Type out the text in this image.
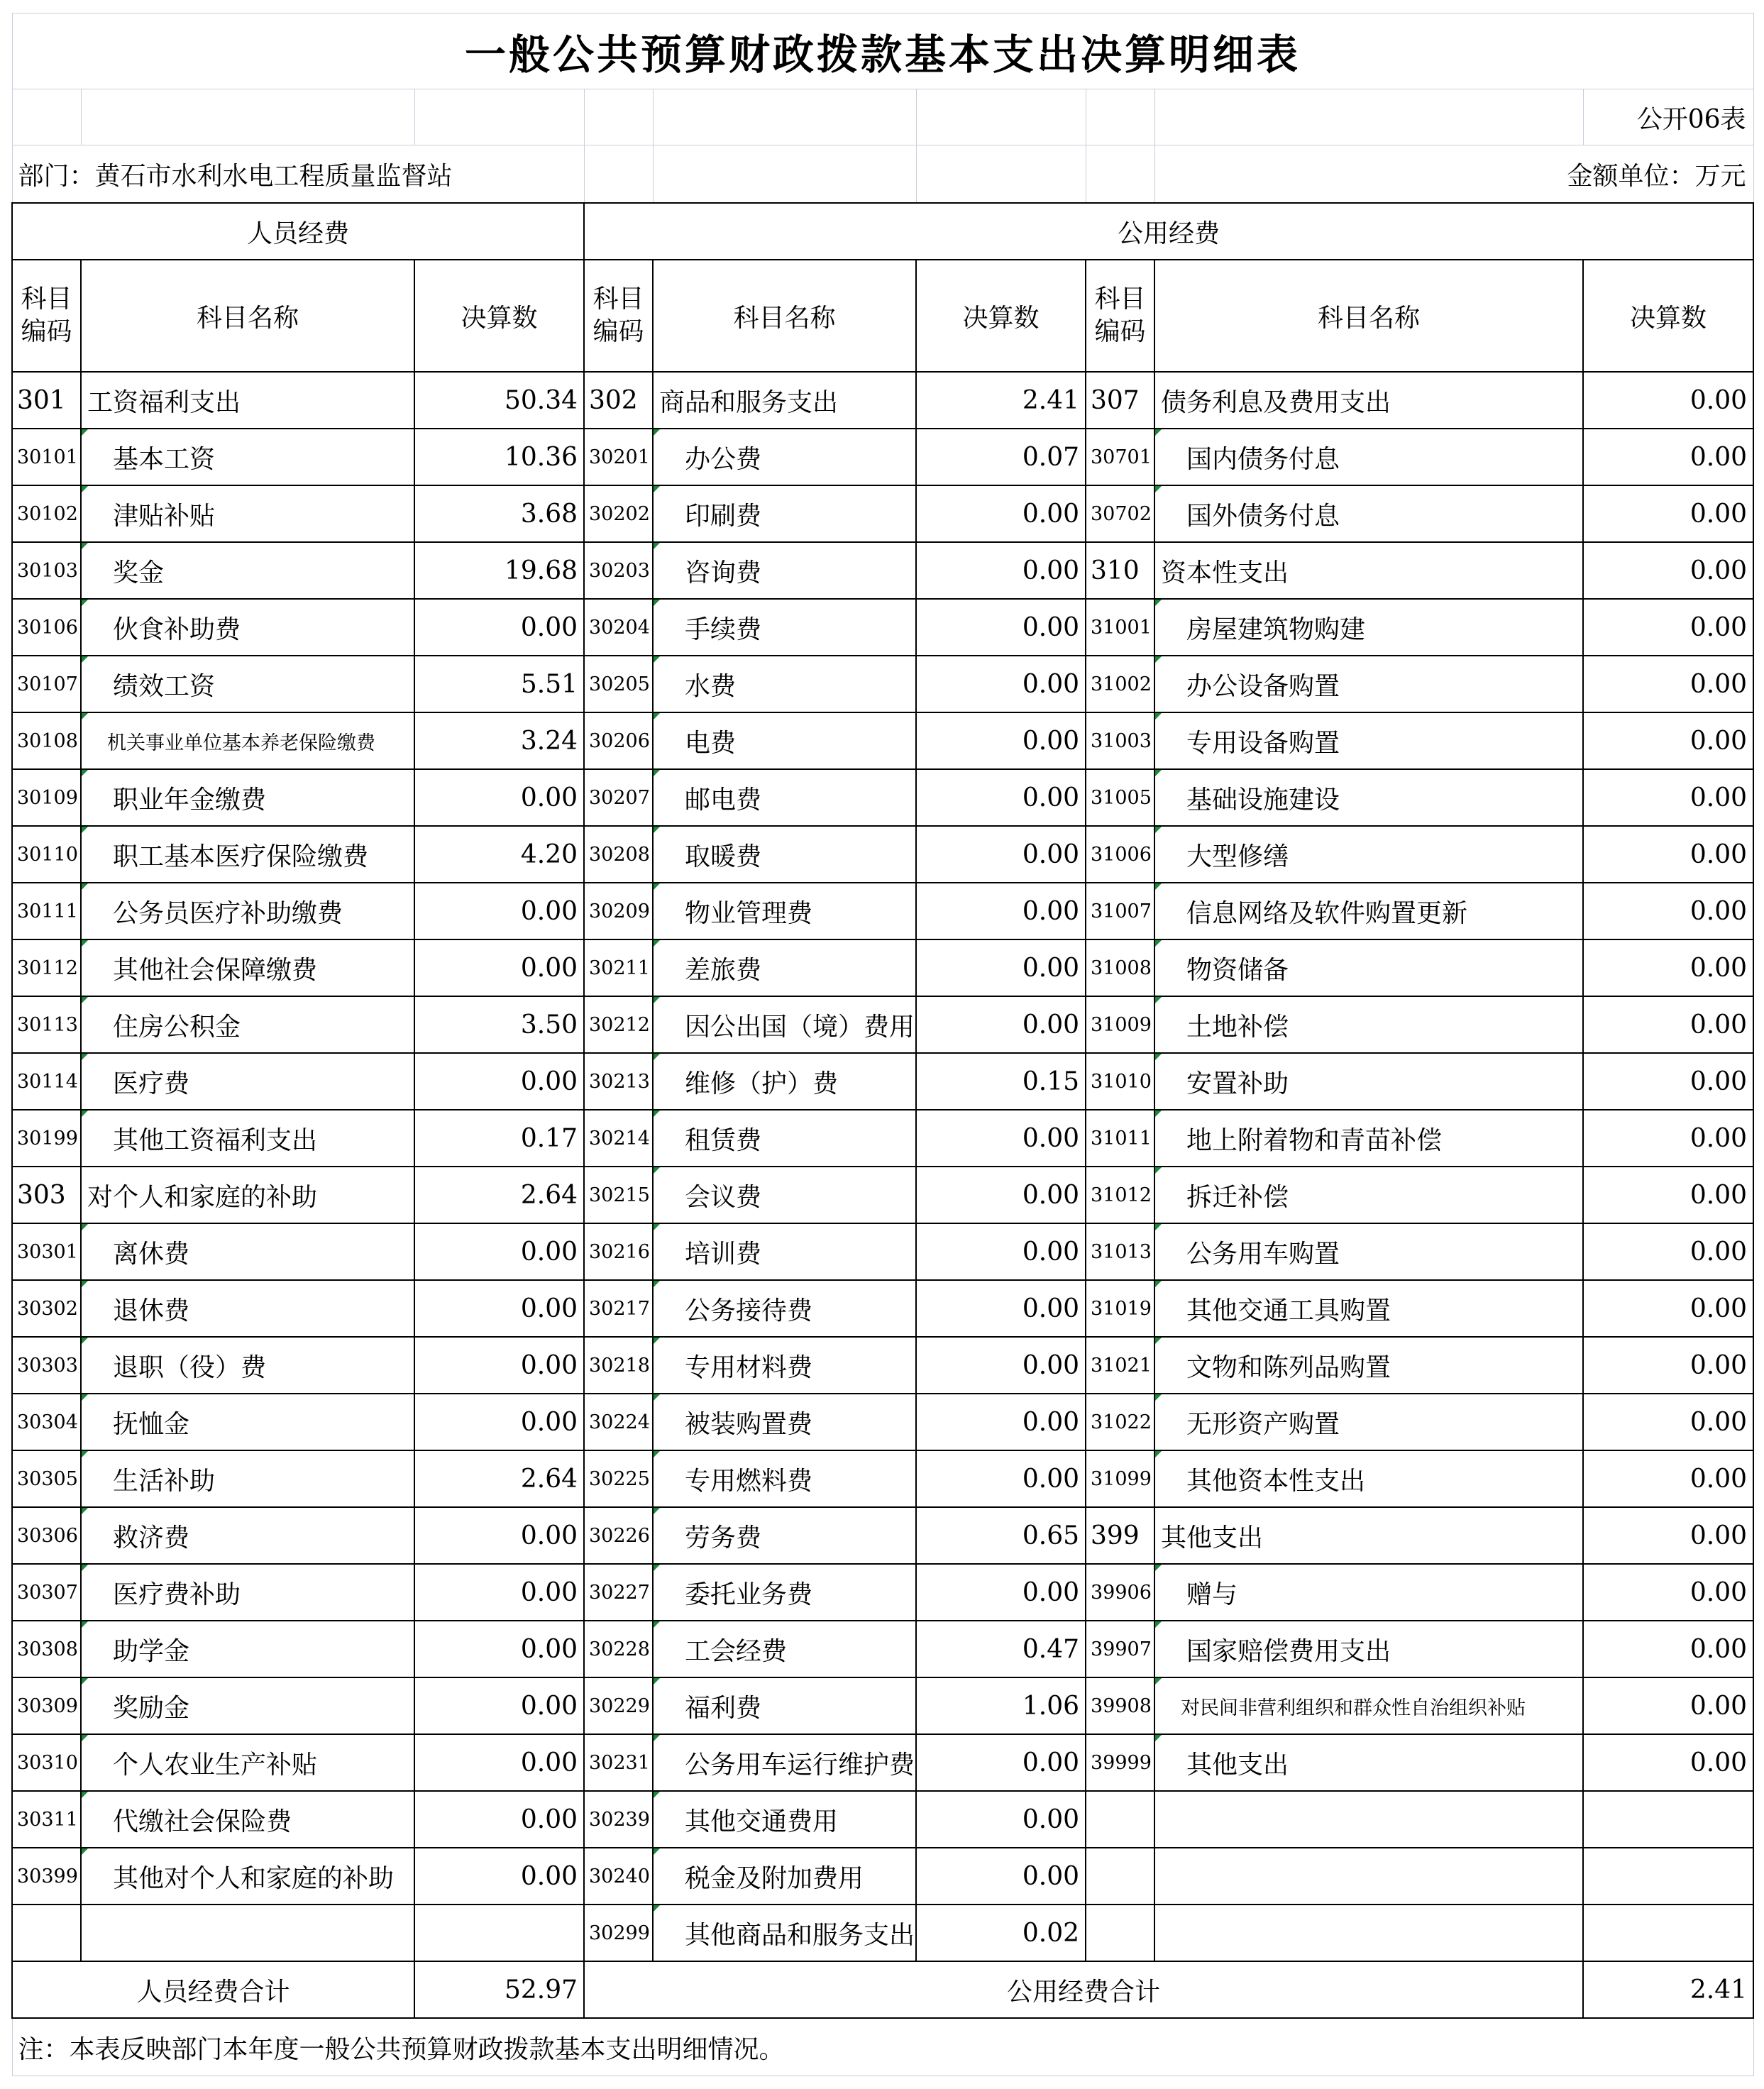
一般公共预算财政拨款基本支出决算明细表								
								公开06表
部门：黄石市水利水电工程质量监督站							金额单位：万元	
人员经费			公用经费					
科目
编码	科目名称	决算数	科目
编码	科目名称	决算数	科目
编码	科目名称	决算数
301	工资福利支出	50.34	302	商品和服务支出	2.41	307	债务利息及费用支出	0.00
30101	基本工资	10.36	30201	办公费	0.07	30701	国内债务付息	0.00
30102	津贴补贴	3.68	30202	印刷费	0.00	30702	国外债务付息	0.00
30103	奖金	19.68	30203	咨询费	0.00	310	资本性支出	0.00
30106	伙食补助费	0.00	30204	手续费	0.00	31001	房屋建筑物购建	0.00
30107	绩效工资	5.51	30205	水费	0.00	31002	办公设备购置	0.00
30108	机关事业单位基本养老保险缴费	3.24	30206	电费	0.00	31003	专用设备购置	0.00
30109	职业年金缴费	0.00	30207	邮电费	0.00	31005	基础设施建设	0.00
30110	职工基本医疗保险缴费	4.20	30208	取暖费	0.00	31006	大型修缮	0.00
30111	公务员医疗补助缴费	0.00	30209	物业管理费	0.00	31007	信息网络及软件购置更新	0.00
30112	其他社会保障缴费	0.00	30211	差旅费	0.00	31008	物资储备	0.00
30113	住房公积金	3.50	30212	因公出国（境）费用	0.00	31009	土地补偿	0.00
30114	医疗费	0.00	30213	维修（护）费	0.15	31010	安置补助	0.00
30199	其他工资福利支出	0.17	30214	租赁费	0.00	31011	地上附着物和青苗补偿	0.00
303	对个人和家庭的补助	2.64	30215	会议费	0.00	31012	拆迁补偿	0.00
30301	离休费	0.00	30216	培训费	0.00	31013	公务用车购置	0.00
30302	退休费	0.00	30217	公务接待费	0.00	31019	其他交通工具购置	0.00
30303	退职（役）费	0.00	30218	专用材料费	0.00	31021	文物和陈列品购置	0.00
30304	抚恤金	0.00	30224	被装购置费	0.00	31022	无形资产购置	0.00
30305	生活补助	2.64	30225	专用燃料费	0.00	31099	其他资本性支出	0.00
30306	救济费	0.00	30226	劳务费	0.65	399	其他支出	0.00
30307	医疗费补助	0.00	30227	委托业务费	0.00	39906	赠与	0.00
30308	助学金	0.00	30228	工会经费	0.47	39907	国家赔偿费用支出	0.00
30309	奖励金	0.00	30229	福利费	1.06	39908	对民间非营利组织和群众性自治组织补贴	0.00
30310	个人农业生产补贴	0.00	30231	公务用车运行维护费	0.00	39999	其他支出	0.00
30311	代缴社会保险费	0.00	30239	其他交通费用	0.00			
30399	其他对个人和家庭的补助	0.00	30240	税金及附加费用	0.00			
			30299	其他商品和服务支出	0.02			
人员经费合计		52.97	公用经费合计					2.41
注：本表反映部门本年度一般公共预算财政拨款基本支出明细情况。								
